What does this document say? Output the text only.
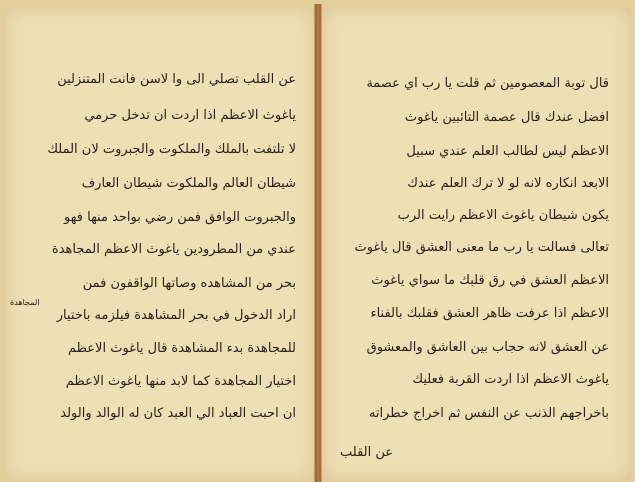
عن القلب تصلي الى وا لاسن فانت المتنزلين
ياغوث الاعظم اذا اردت ان تدخل حرمي
لا تلتفت بالملك والملكوت والجبروت لان الملك
شيطان العالم والملكوت شيطان العارف
والجبروت الوافق فمن رضي بواحد منها فهو
عندي من المطرودين ياغوث الاعظم المجاهدة
بحر من المشاهده وصاتها الواقفون فمن
اراد الدخول في بحر المشاهدة فيلزمه باختيار
للمجاهدة بدء المشاهدة قال ياغوث الاعظم
اختيار المجاهدة كما لابد منها ياغوث الاعظم
ان احبت العباد الي العبد كان له الوالد والولد
المجاهدة
قال توبة المعصومين ثم قلت يا رب اي عصمة
افضل عندك قال عصمة التائبين ياغوث
الاعظم ليس لطالب العلم عندي سبيل
الابعد انكاره لانه لو لا ترك العلم عندك
يكون شيطان ياغوث الاعظم رايت الرب
تعالى فسالت يا رب ما معنى العشق قال ياغوث
الاعظم العشق في رق قلبك ما سواي ياغوث
الاعظم اذا عرفت ظاهر العشق فقلبك بالفناء
عن العشق لانه حجاب بين العاشق والمعشوق
ياغوث الاعظم اذا اردت القربة فعليك
باخراجهم الذنب عن النفس ثم اخراج خطراته
عن القلب
